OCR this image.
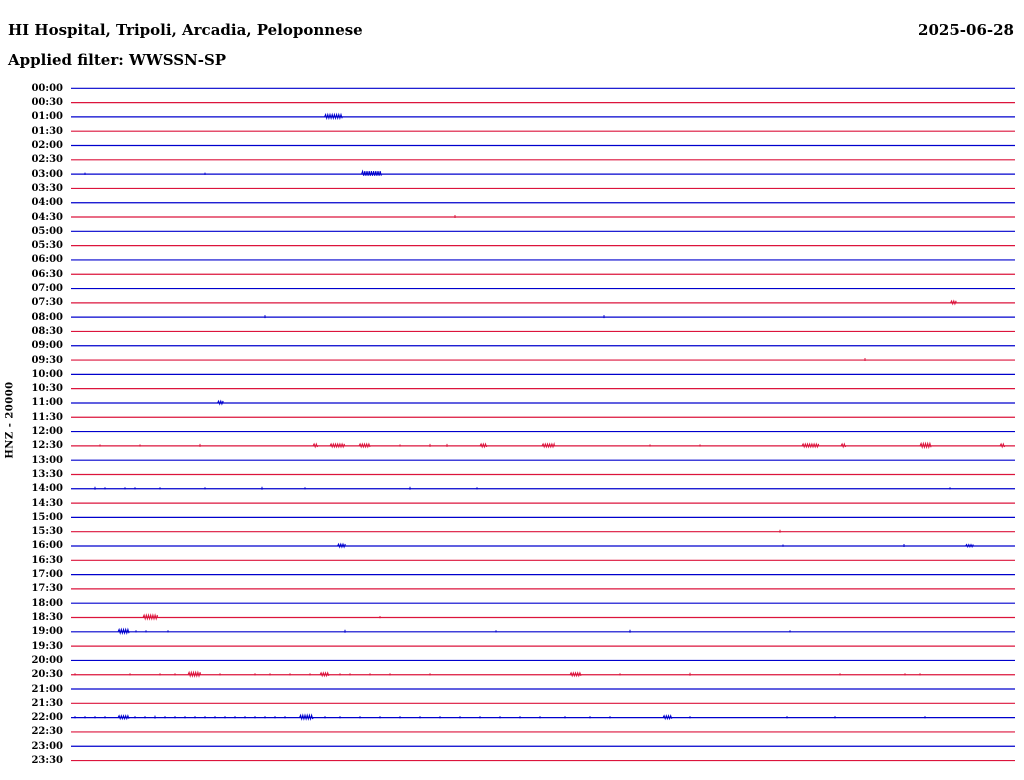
HI Hospital, Tripoli, Arcadia, Peloponnese	2025-06-28
Applied filter: WWSSN-SP
HNZ - 20000
00:00
00:30
01:00
01:30
02:00
02:30
03:00
03:30
04:00
04:30
05:00
05:30
06:00
06:30
07:00
07:30
08:00
08:30
09:00
09:30
10:00
10:30
11:00
11:30
12:00
12:30
13:00
13:30
14:00
14:30
15:00
15:30
16:00
16:30
17:00
17:30
18:00
18:30
19:00
19:30
20:00
20:30
21:00
21:30
22:00
22:30
23:00
23:30
